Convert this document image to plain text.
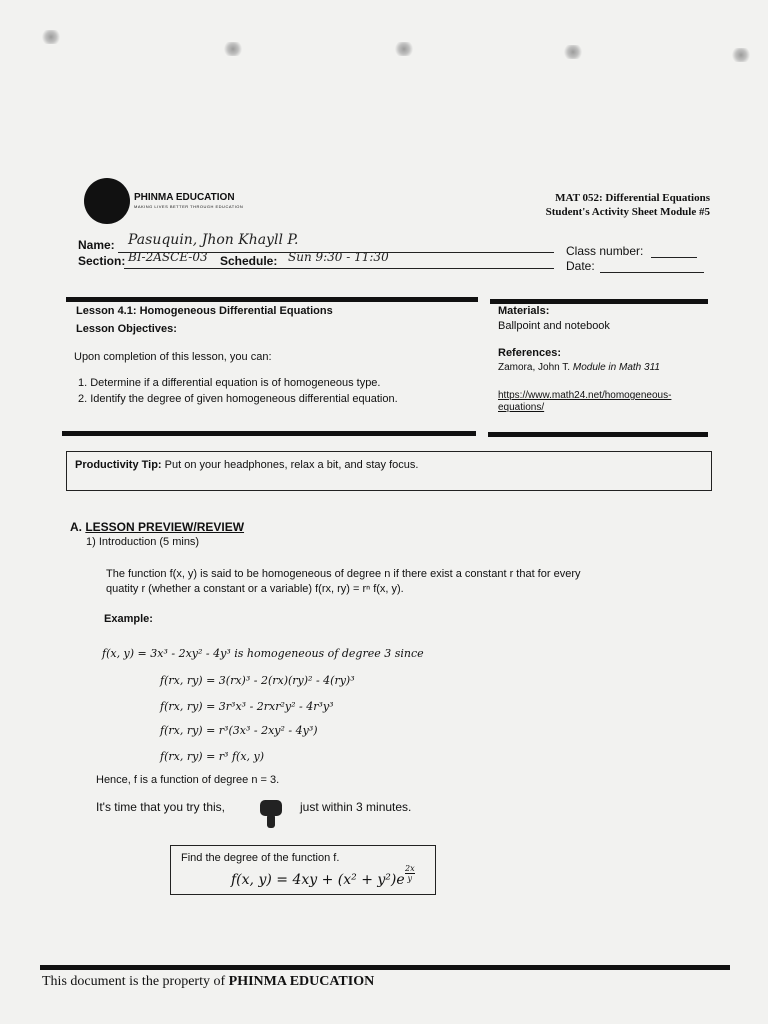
PHINMA EDUCATION
MAKING LIVES BETTER THROUGH EDUCATION
MAT 052: Differential Equations
Student's Activity Sheet Module #5
Name: Pasuquin, Jhon Khayll P.
Section: BI-2ASCE-03 Schedule: Sun 9:30 - 11:30	Class number:
Date:
Lesson 4.1: Homogeneous Differential Equations
Lesson Objectives:
Upon completion of this lesson, you can:
1. Determine if a differential equation is of homogeneous type.
2. Identify the degree of given homogeneous differential equation.
Materials:
Ballpoint and notebook
References:
Zamora, John T. Module in Math 311
https://www.math24.net/homogeneous-
equations/
Productivity Tip: Put on your headphones, relax a bit, and stay focus.
A. LESSON PREVIEW/REVIEW
1) Introduction (5 mins)
The function f(x, y) is said to be homogeneous of degree n if there exist a constant r that for every
quatity r (whether a constant or a variable) f(rx, ry) = rⁿ f(x, y).
Example:
f(x, y) = 3x³ - 2xy² - 4y³ is homogeneous of degree 3 since
f(rx, ry) = 3(rx)³ - 2(rx)(ry)² - 4(ry)³
f(rx, ry) = 3r³x³ - 2rxr²y² - 4r³y³
f(rx, ry) = r³(3x³ - 2xy² - 4y³)
f(rx, ry) = r³ f(x, y)
Hence, f is a function of degree n = 3.
It's time that you try this,	just within 3 minutes.
Find the degree of the function f.
f(x, $y) = 4xy + (x^2 + y^2)e \frac{2x}{y}$
This document is the property of PHINMA EDUCATION
